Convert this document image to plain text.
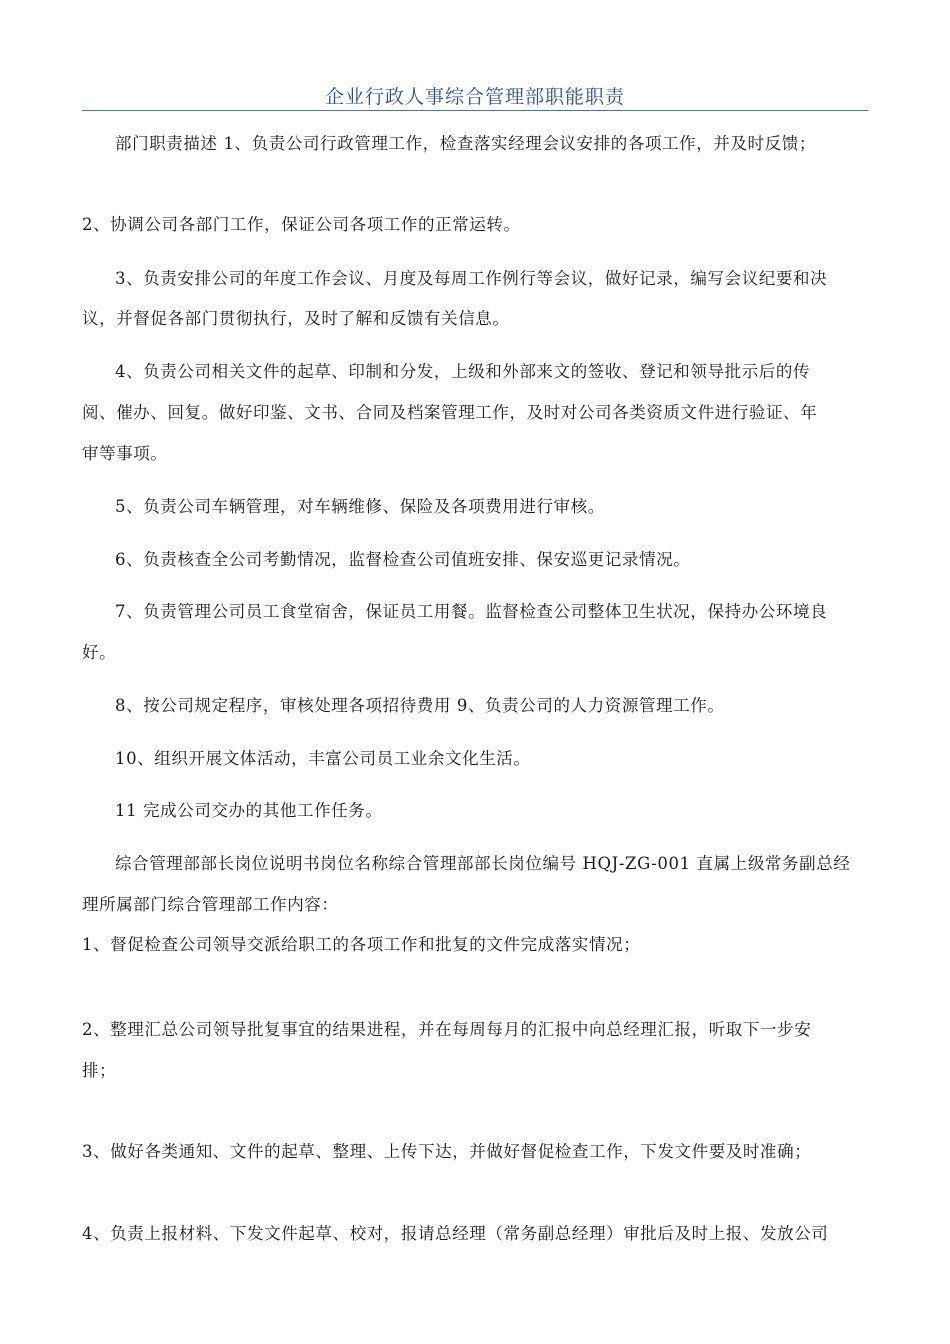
企业行政人事综合管理部职能职责
部门职责描述 1、负责公司行政管理工作，检查落实经理会议安排的各项工作，并及时反馈；
2、协调公司各部门工作，保证公司各项工作的正常运转。
3、负责安排公司的年度工作会议、月度及每周工作例行等会议，做好记录，编写会议纪要和决
议，并督促各部门贯彻执行，及时了解和反馈有关信息。
4、负责公司相关文件的起草、印制和分发，上级和外部来文的签收、登记和领导批示后的传
阅、催办、回复。做好印鉴、文书、合同及档案管理工作，及时对公司各类资质文件进行验证、年
审等事项。
5、负责公司车辆管理，对车辆维修、保险及各项费用进行审核。
6、负责核查全公司考勤情况，监督检查公司值班安排、保安巡更记录情况。
7、负责管理公司员工食堂宿舍，保证员工用餐。监督检查公司整体卫生状况，保持办公环境良
好。
8、按公司规定程序，审核处理各项招待费用 9、负责公司的人力资源管理工作。
10、组织开展文体活动，丰富公司员工业余文化生活。
11 完成公司交办的其他工作任务。
综合管理部部长岗位说明书岗位名称综合管理部部长岗位编号 HQJ-ZG-001 直属上级常务副总经
理所属部门综合管理部工作内容：
1、督促检查公司领导交派给职工的各项工作和批复的文件完成落实情况；
2、整理汇总公司领导批复事宜的结果进程，并在每周每月的汇报中向总经理汇报，听取下一步安
排；
3、做好各类通知、文件的起草、整理、上传下达，并做好督促检查工作，下发文件要及时准确；
4、负责上报材料、下发文件起草、校对，报请总经理（常务副总经理）审批后及时上报、发放公司
